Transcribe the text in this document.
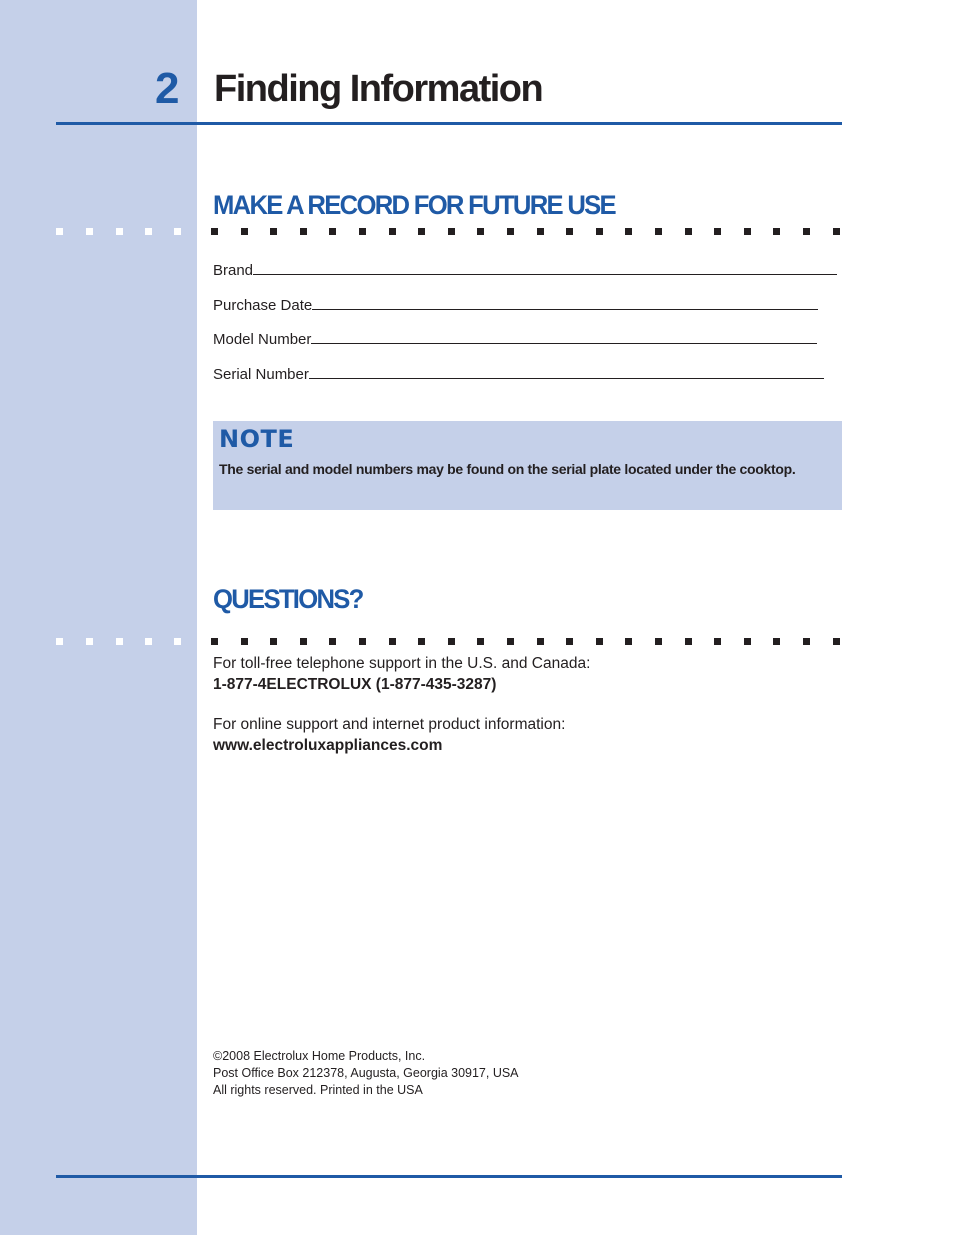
2 Finding Information
MAKE A RECORD FOR FUTURE USE
Brand
Purchase Date
Model Number
Serial Number
NOTE
The serial and model numbers may be found on the serial plate located under the cooktop.
QUESTIONS?
For toll-free telephone support in the U.S. and Canada:
1-877-4ELECTROLUX (1-877-435-3287)
For online support and internet product information:
www.electroluxappliances.com
©2008 Electrolux Home Products, Inc.
Post Office Box 212378, Augusta, Georgia 30917, USA
All rights reserved. Printed in the USA
